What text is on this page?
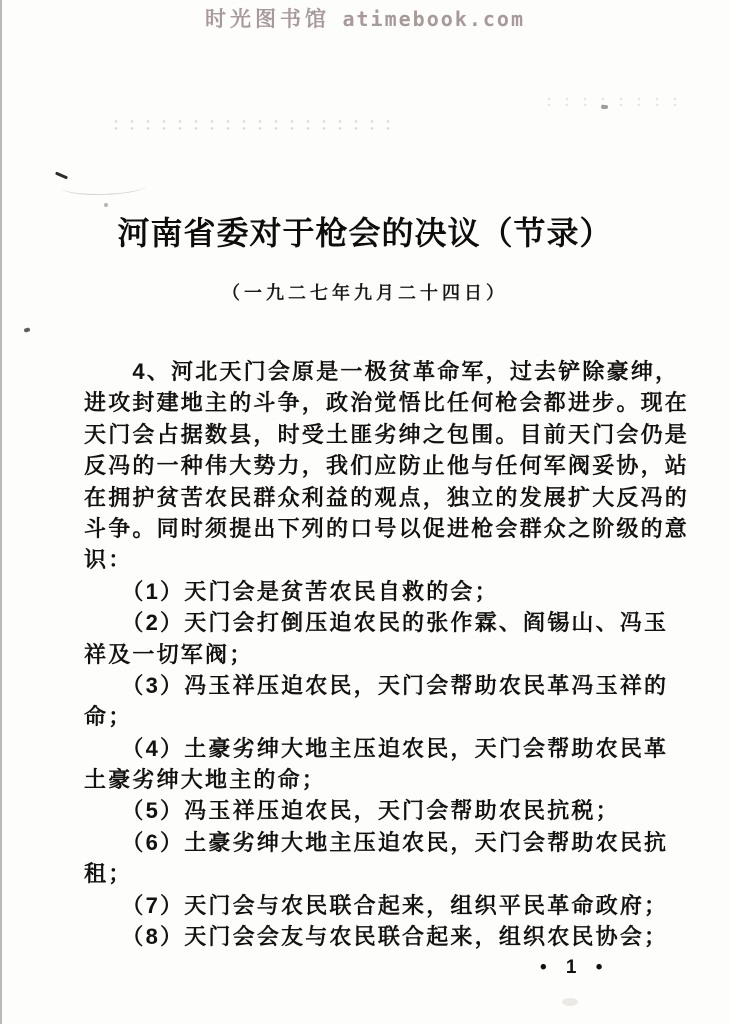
时光图书馆 atimebook.com
河南省委对于枪会的决议（节录）
（一九二七年九月二十四日）
　　4、河北天门会原是一极贫革命军，过去铲除豪绅，
进攻封建地主的斗争，政治觉悟比任何枪会都进步。现在
天门会占据数县，时受土匪劣绅之包围。目前天门会仍是
反冯的一种伟大势力，我们应防止他与任何军阀妥协，站
在拥护贫苦农民群众利益的观点，独立的发展扩大反冯的
斗争。同时须提出下列的口号以促进枪会群众之阶级的意
识：
　　（1）天门会是贫苦农民自救的会；
　　（2）天门会打倒压迫农民的张作霖、阎锡山、冯玉
祥及一切军阀；
　　（3）冯玉祥压迫农民，天门会帮助农民革冯玉祥的
命；
　　（4）土豪劣绅大地主压迫农民，天门会帮助农民革
土豪劣绅大地主的命；
　　（5）冯玉祥压迫农民，天门会帮助农民抗税；
　　（6）土豪劣绅大地主压迫农民，天门会帮助农民抗
租；
　　（7）天门会与农民联合起来，组织平民革命政府；
　　（8）天门会会友与农民联合起来，组织农民协会；
• 1 •
